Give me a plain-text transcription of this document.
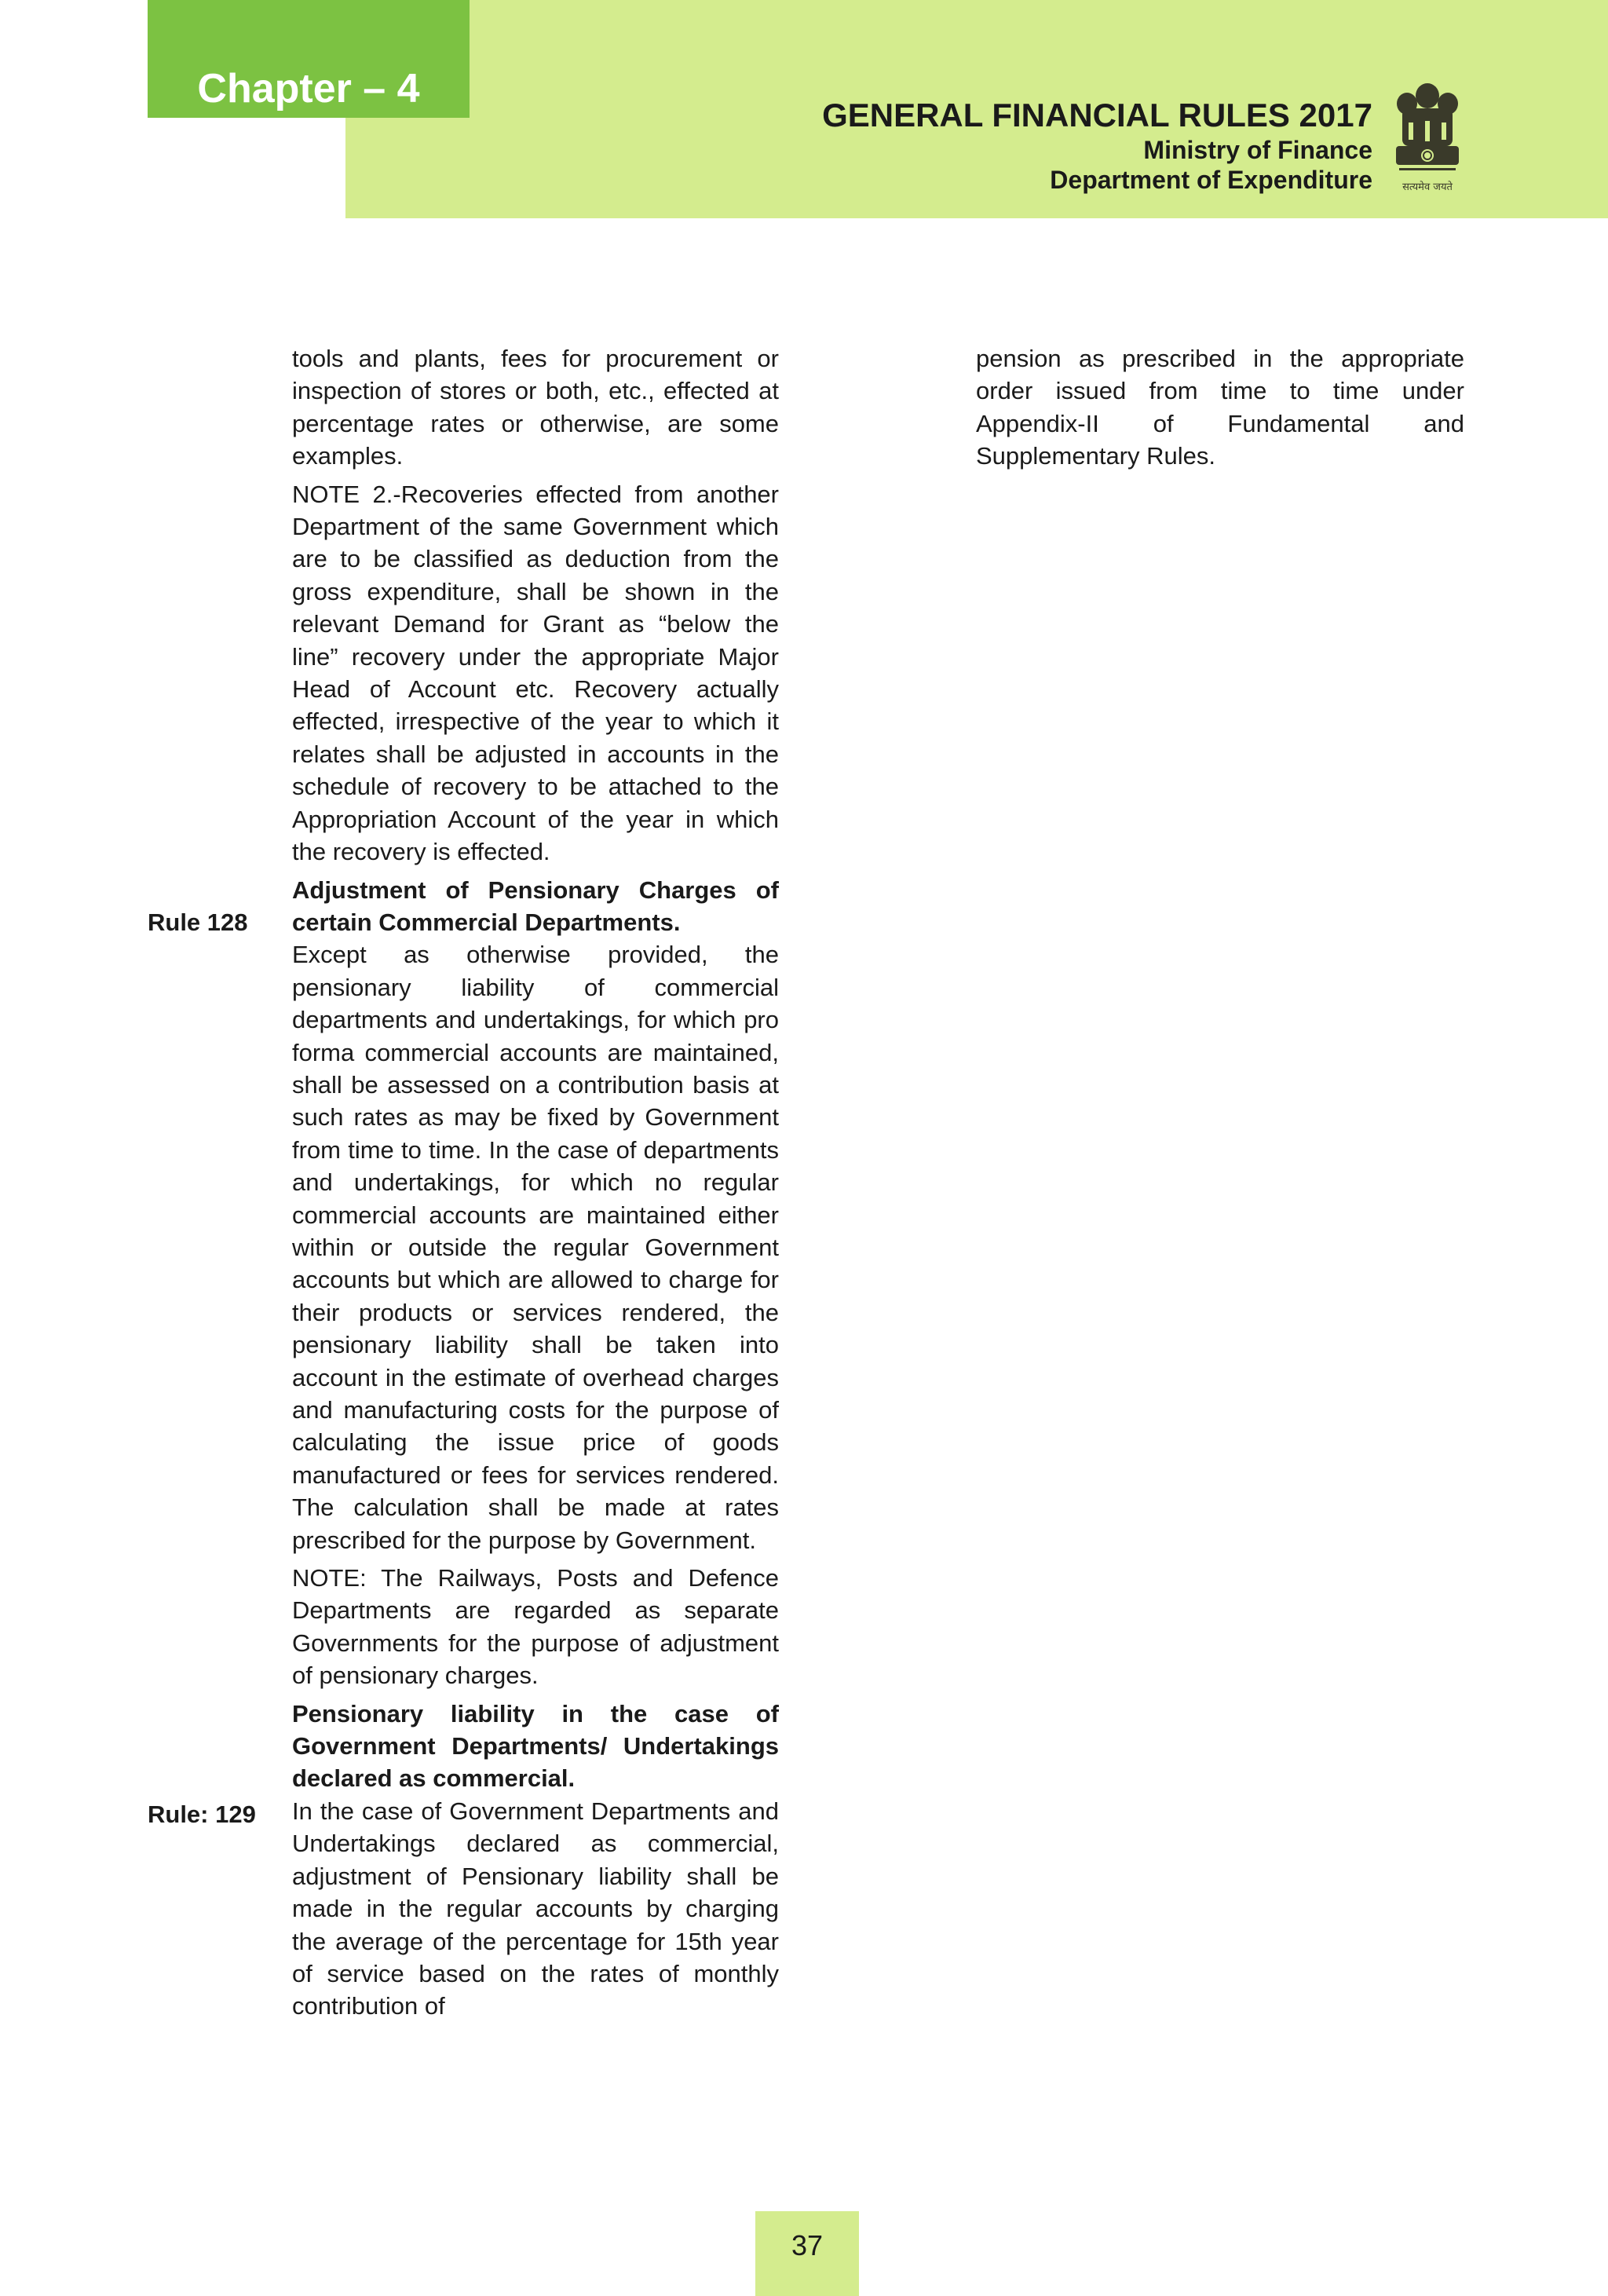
Chapter – 4
GENERAL FINANCIAL RULES 2017
Ministry of Finance
Department of Expenditure	सत्यमेव जयते

tools and plants, fees for procurement or inspection of stores or both, etc., effected at percentage rates or otherwise, are some examples.

NOTE 2.-Recoveries effected from another Department of the same Government which are to be classified as deduction from the gross expenditure, shall be shown in the relevant Demand for Grant as “below the line” recovery under the appropriate Major Head of Account etc. Recovery actually effected, irrespective of the year to which it relates shall be adjusted in accounts in the schedule of recovery to be attached to the Appropriation Account of the year in which the recovery is effected.

Adjustment of Pensionary Charges of certain Commercial Departments.

Except as otherwise provided, the pensionary liability of commercial departments and undertakings, for which pro forma commercial accounts are maintained, shall be assessed on a contribution basis at such rates as may be fixed by Government from time to time. In the case of departments and undertakings, for which no regular commercial accounts are maintained either within or outside the regular Government accounts but which are allowed to charge for their products or services rendered, the pensionary liability shall be taken into account in the estimate of overhead charges and manufacturing costs for the purpose of calculating the issue price of goods manufactured or fees for services rendered. The calculation shall be made at rates prescribed for the purpose by Government.

NOTE: The Railways, Posts and Defence Departments are regarded as separate Governments for the purpose of adjustment of pensionary charges.

Pensionary liability in the case of Government Departments/ Undertakings declared as commercial.

In the case of Government Departments and Undertakings declared as commercial, adjustment of Pensionary liability shall be made in the regular accounts by charging the average of the percentage for 15th year of service based on the rates of monthly contribution of

Rule 128
Rule: 129

pension as prescribed in the appropriate order issued from time to time under Appendix-II of Fundamental and Supplementary Rules.

37
